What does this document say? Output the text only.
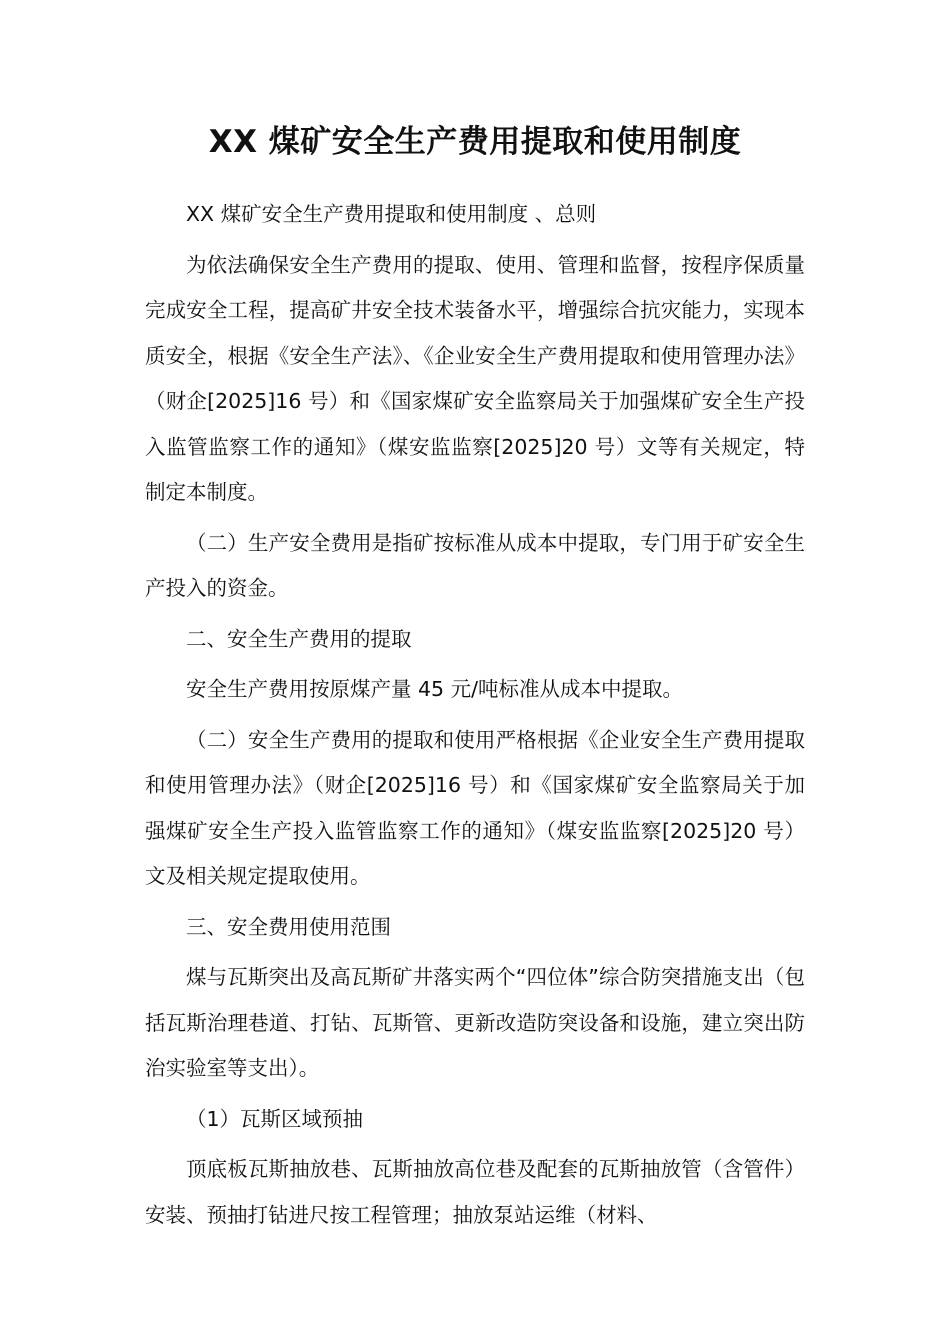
XX 煤矿安全生产费用提取和使用制度

XX 煤矿安全生产费用提取和使用制度 、总则

为依法确保安全生产费用的提取、使用、管理和监督，按程序保质量完成安全工程，提高矿井安全技术装备水平，增强综合抗灾能力，实现本质安全，根据《安全生产法》、《企业安全生产费用提取和使用管理办法》（财企[2025]16 号）和《国家煤矿安全监察局关于加强煤矿安全生产投入监管监察工作的通知》（煤安监监察[2025]20 号）文等有关规定，特制定本制度。

（二）生产安全费用是指矿按标准从成本中提取，专门用于矿安全生产投入的资金。

二、安全生产费用的提取

安全生产费用按原煤产量 45 元/吨标准从成本中提取。

（二）安全生产费用的提取和使用严格根据《企业安全生产费用提取和使用管理办法》（财企[2025]16 号）和《国家煤矿安全监察局关于加强煤矿安全生产投入监管监察工作的通知》（煤安监监察[2025]20 号）文及相关规定提取使用。

三、安全费用使用范围

煤与瓦斯突出及高瓦斯矿井落实两个“四位体”综合防突措施支出（包括瓦斯治理巷道、打钻、瓦斯管、更新改造防突设备和设施，建立突出防治实验室等支出）。

（1）瓦斯区域预抽

顶底板瓦斯抽放巷、瓦斯抽放高位巷及配套的瓦斯抽放管（含管件）安装、预抽打钻进尺按工程管理；抽放泵站运维（材料、
